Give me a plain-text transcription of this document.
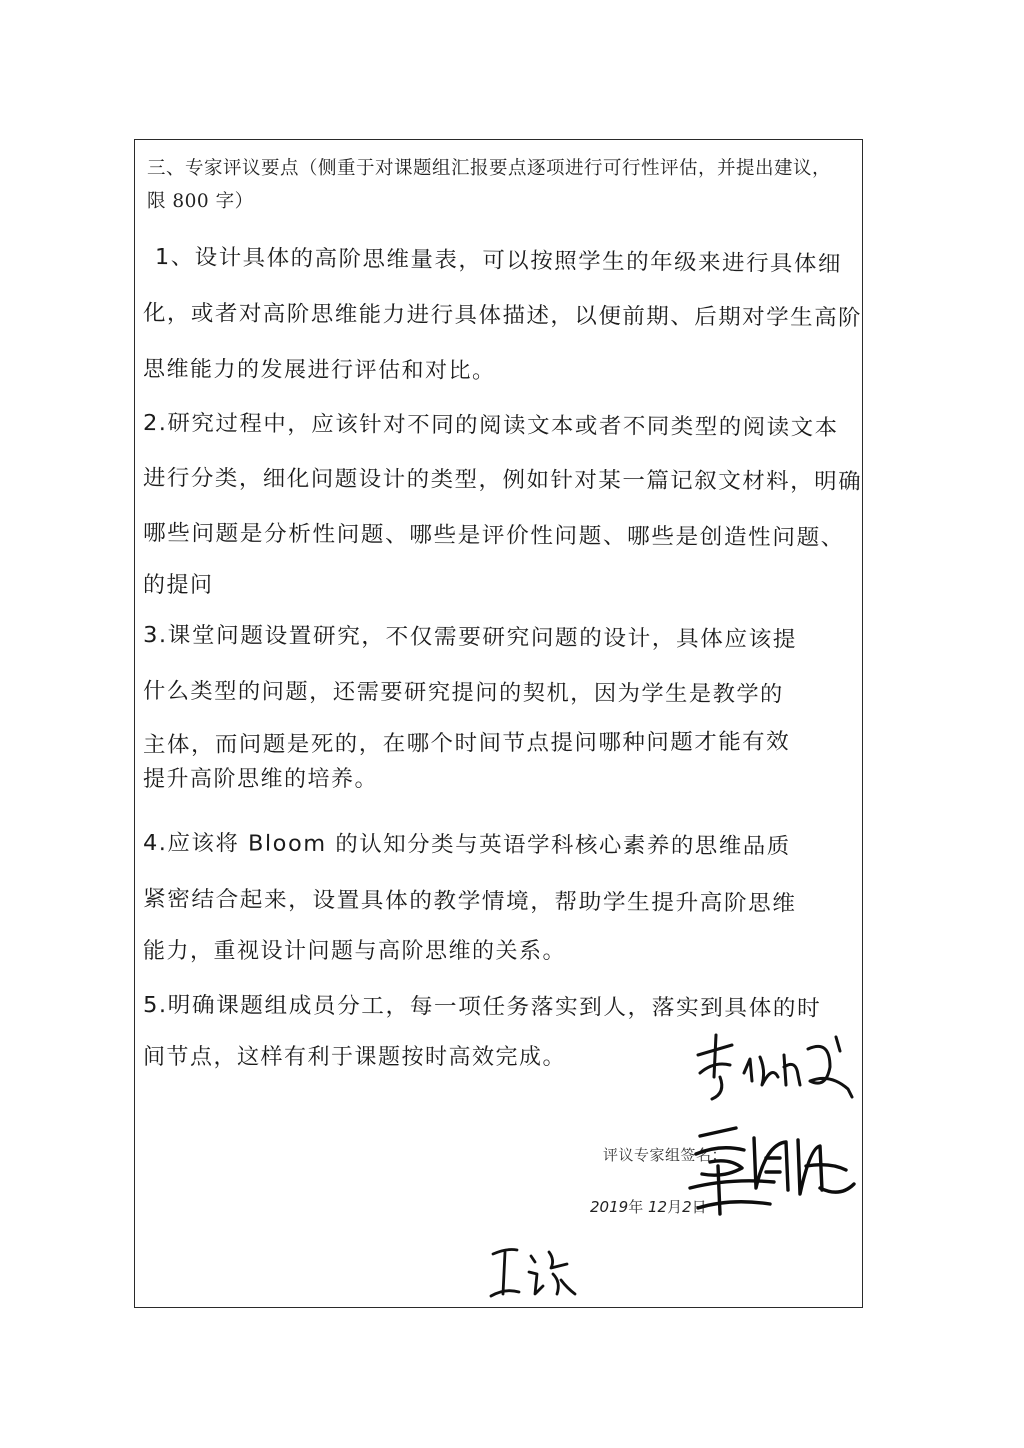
三、专家评议要点（侧重于对课题组汇报要点逐项进行可行性评估，并提出建议，限 800 字）
1、设计具体的高阶思维量表，可以按照学生的年级来进行具体细
化，或者对高阶思维能力进行具体描述，以便前期、后期对学生高阶
思维能力的发展进行评估和对比。
2.研究过程中，应该针对不同的阅读文本或者不同类型的阅读文本
进行分类，细化问题设计的类型，例如针对某一篇记叙文材料，明确
哪些问题是分析性问题、哪些是评价性问题、哪些是创造性问题、
的提问
3.课堂问题设置研究，不仅需要研究问题的设计，具体应该提
什么类型的问题，还需要研究提问的契机，因为学生是教学的
主体，而问题是死的，在哪个时间节点提问哪种问题才能有效
提升高阶思维的培养。
4.应该将 Bloom 的认知分类与英语学科核心素养的思维品质
紧密结合起来，设置具体的教学情境，帮助学生提升高阶思维
能力，重视设计问题与高阶思维的关系。
5.明确课题组成员分工，每一项任务落实到人，落实到具体的时
间节点，这样有利于课题按时高效完成。
评议专家组签名：
2019年 12月2日
